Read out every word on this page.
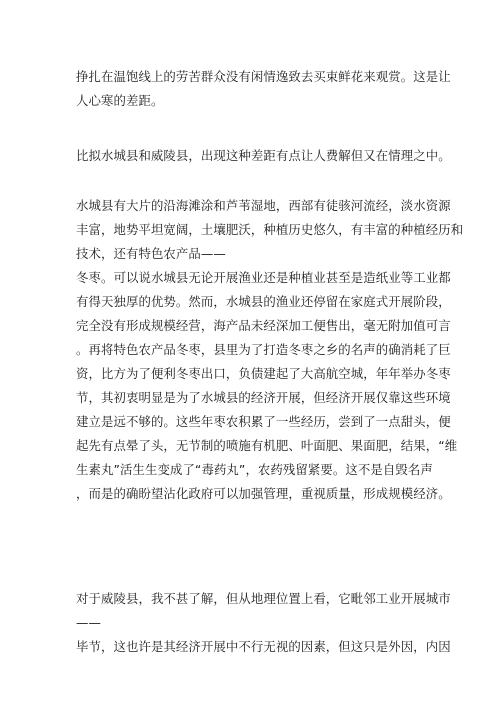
挣扎在温饱线上的劳苦群众没有闲情逸致去买束鲜花来观赏。这是让
人心寒的差距。
比拟水城县和威陵县，出现这种差距有点让人费解但又在情理之中。
水城县有大片的沿海滩涂和芦苇湿地，西部有徒骇河流经，淡水资源
丰富，地势平坦宽阔，土壤肥沃，种植历史悠久，有丰富的种植经历和
技术，还有特色农产品——
冬枣。可以说水城县无论开展渔业还是种植业甚至是造纸业等工业都
有得天独厚的优势。然而，水城县的渔业还停留在家庭式开展阶段，
完全没有形成规模经营，海产品未经深加工便售出，毫无附加值可言
。再将特色农产品冬枣，县里为了打造冬枣之乡的名声的确消耗了巨
资，比方为了便利冬枣出口，负债建起了大高航空城，年年举办冬枣
节，其初衷明显是为了水城县的经济开展，但经济开展仅靠这些环境
建立是远不够的。这些年枣农积累了一些经历，尝到了一点甜头，便
起先有点晕了头，无节制的喷施有机肥、叶面肥、果面肥，结果，“维
生素丸”活生生变成了“毒药丸”，农药残留紧要。这不是自毁名声
，而是的确盼望沾化政府可以加强管理，重视质量，形成规模经济。
对于威陵县，我不甚了解，但从地理位置上看，它毗邻工业开展城市
——
毕节，这也许是其经济开展中不行无视的因素，但这只是外因，内因
